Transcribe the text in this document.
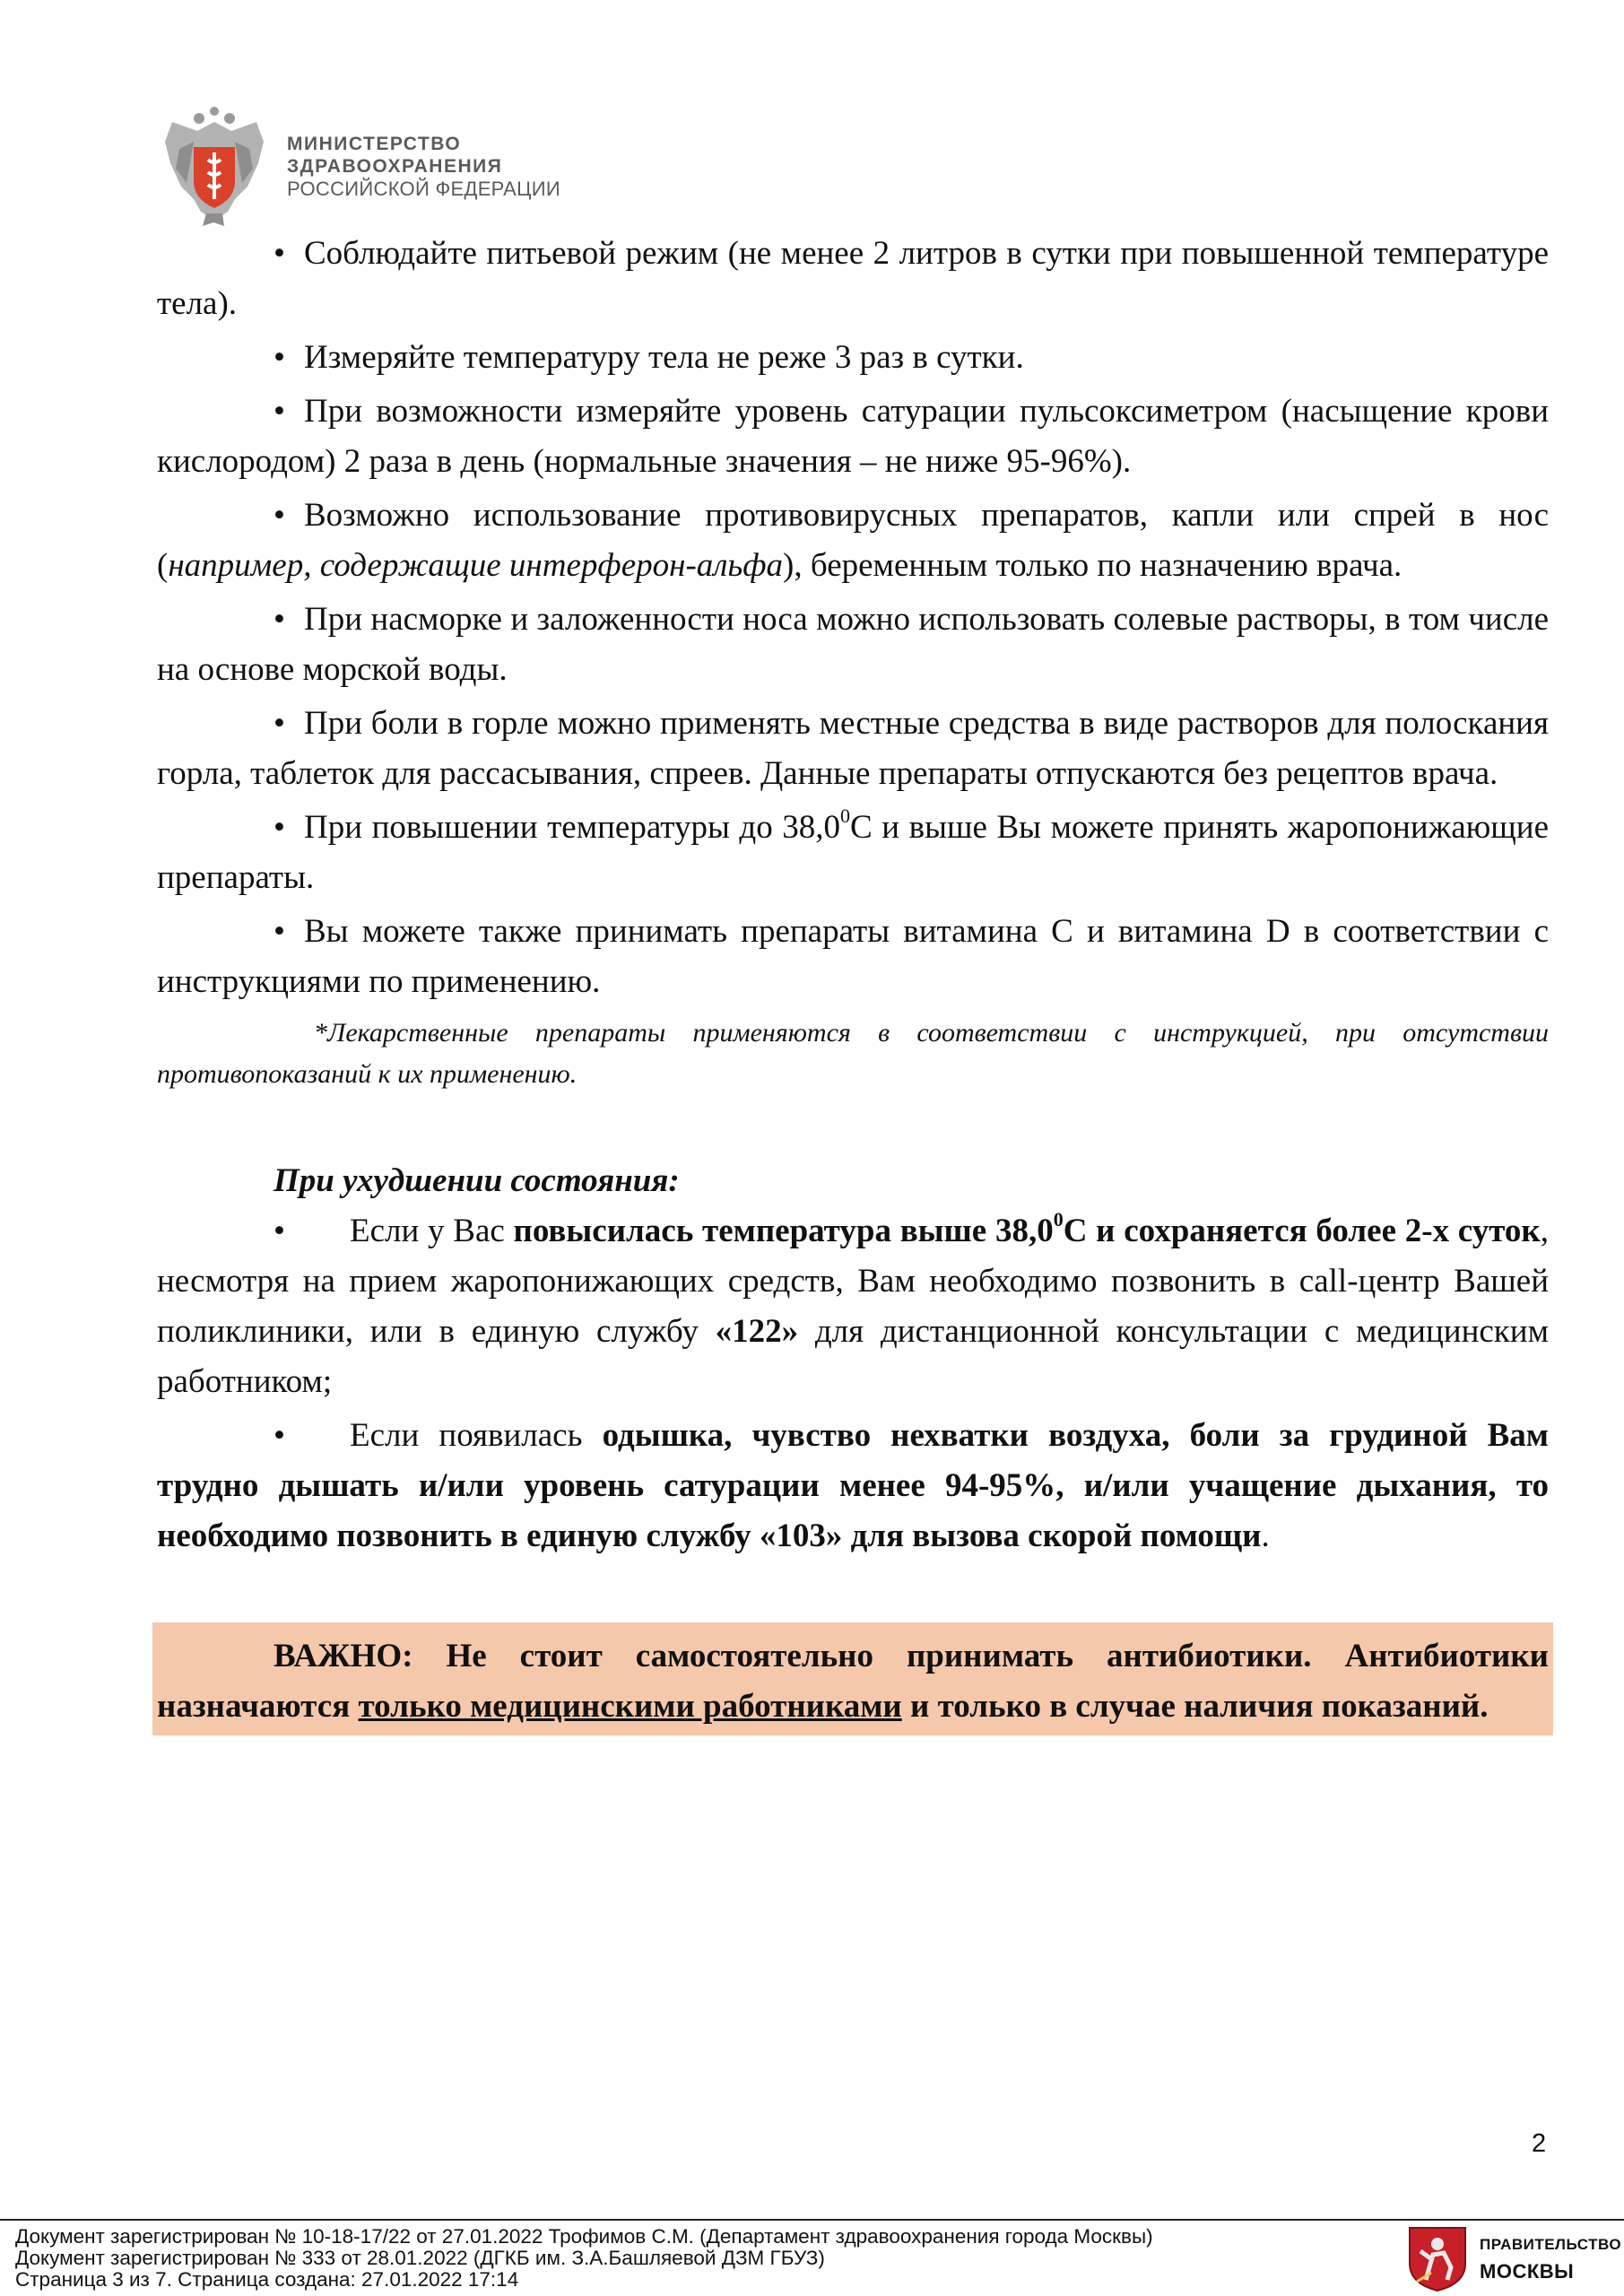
МИНИСТЕРСТВО
ЗДРАВООХРАНЕНИЯ
РОССИЙСКОЙ ФЕДЕРАЦИИ

• Соблюдайте питьевой режим (не менее 2 литров в сутки при повышенной температуре тела).

• Измеряйте температуру тела не реже 3 раз в сутки.

• При возможности измеряйте уровень сатурации пульсоксиметром (насыщение крови кислородом) 2 раза в день (нормальные значения – не ниже 95-96%).

• Возможно использование противовирусных препаратов, капли или спрей в нос (например, содержащие интерферон-альфа), беременным только по назначению врача.

• При насморке и заложенности носа можно использовать солевые растворы, в том числе на основе морской воды.

• При боли в горле можно применять местные средства в виде растворов для полоскания горла, таблеток для рассасывания, спреев. Данные препараты отпускаются без рецептов врача.

• При повышении температуры до 38,0$^0$С и выше Вы можете принять жаропонижающие препараты.

• Вы можете также принимать препараты витамина С и витамина D в соответствии с инструкциями по применению.

*Лекарственные препараты применяются в соответствии с инструкцией, при отсутствии противопоказаний к их применению.

При ухудшении состояния:

• Если у Вас повысилась температура выше 38,0$^0$С и сохраняется более 2-х суток, несмотря на прием жаропонижающих средств, Вам необходимо позвонить в call-центр Вашей поликлиники, или в единую службу «122» для дистанционной консультации с медицинским работником;

• Если появилась одышка, чувство нехватки воздуха, боли за грудиной Вам трудно дышать и/или уровень сатурации менее 94-95%, и/или учащение дыхания, то необходимо позвонить в единую службу «103» для вызова скорой помощи.

ВАЖНО: Не стоит самостоятельно принимать антибиотики. Антибиотики назначаются только медицинскими работниками и только в случае наличия показаний.
2
Документ зарегистрирован № 10-18-17/22 от 27.01.2022 Трофимов С.М. (Департамент здравоохранения города Москвы)
Документ зарегистрирован № 333 от 28.01.2022 (ДГКБ им. З.А.Башляевой ДЗМ ГБУЗ)
Страница 3 из 7. Страница создана: 27.01.2022 17:14
ПРАВИТЕЛЬСТВО
МОСКВЫ
